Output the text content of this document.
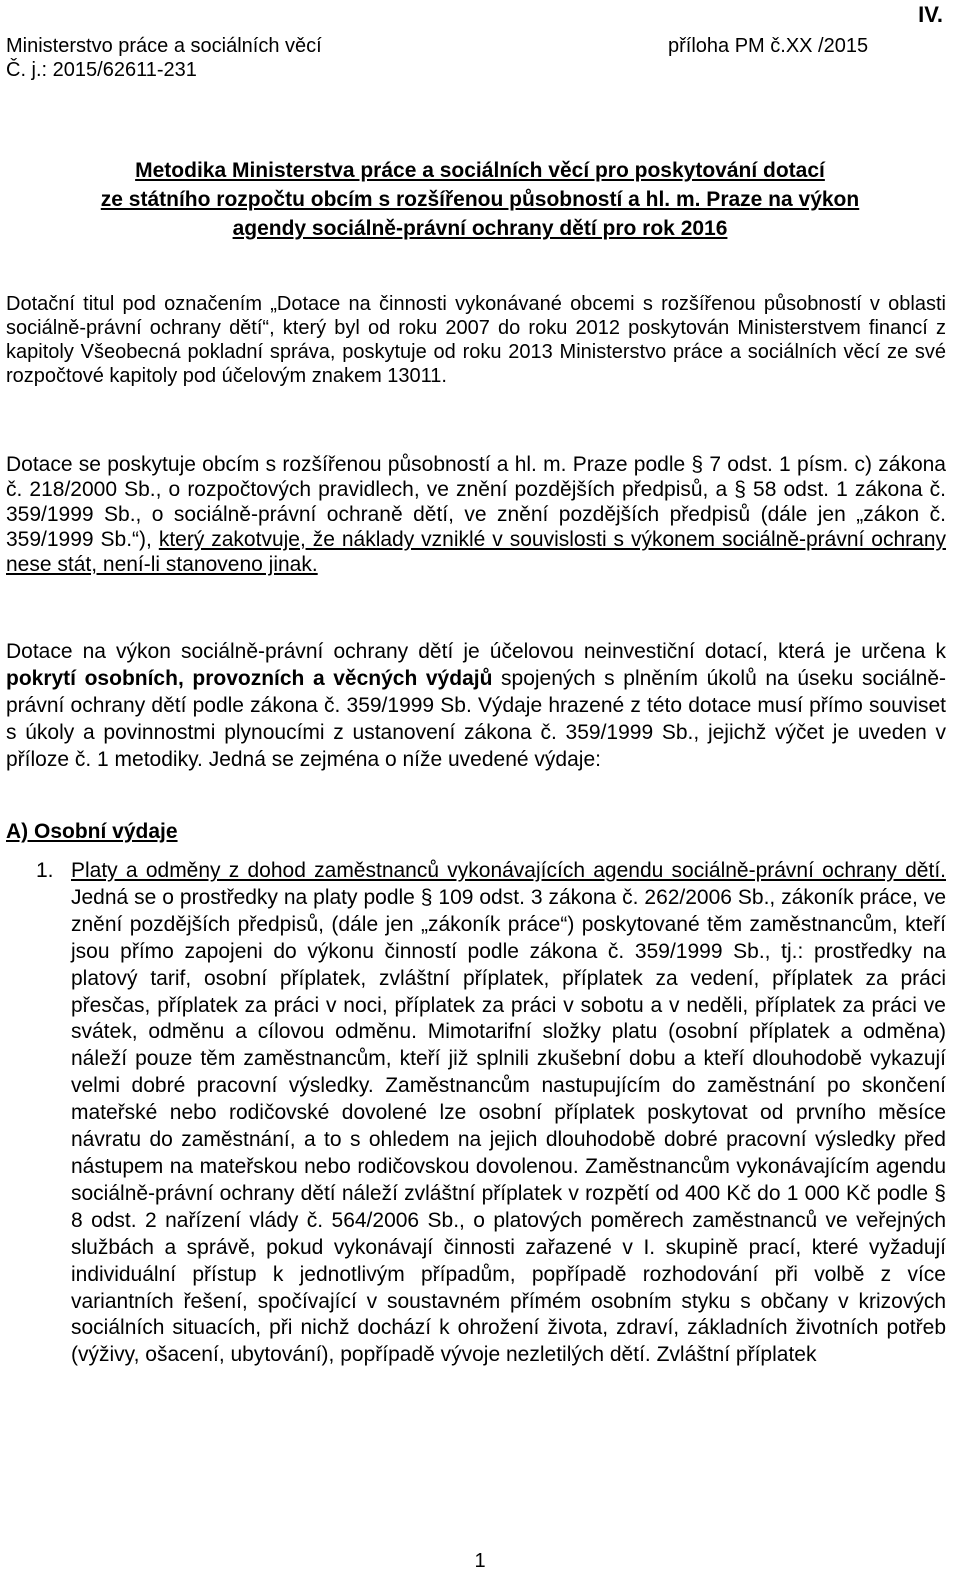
Ministerstvo práce a sociálních věcí
Č. j.: 2015/62611-231
příloha PM č.XX /2015
IV.
Metodika Ministerstva práce a sociálních věcí pro poskytování dotací
ze státního rozpočtu obcím s rozšířenou působností a hl. m. Praze na výkon
agendy sociálně-právní ochrany dětí pro rok 2016
Dotační titul pod označením „Dotace na činnosti vykonávané obcemi s rozšířenou působností v oblasti sociálně-právní ochrany dětí“, který byl od roku 2007 do roku 2012 poskytován Ministerstvem financí z kapitoly Všeobecná pokladní správa, poskytuje od roku 2013 Ministerstvo práce a sociálních věcí ze své rozpočtové kapitoly pod účelovým znakem 13011.
Dotace se poskytuje obcím s rozšířenou působností a hl. m. Praze podle § 7 odst. 1 písm. c) zákona č. 218/2000 Sb., o rozpočtových pravidlech, ve znění pozdějších předpisů, a § 58 odst. 1 zákona č. 359/1999 Sb., o sociálně-právní ochraně dětí, ve znění pozdějších předpisů (dále jen „zákon č. 359/1999 Sb.“), který zakotvuje, že náklady vzniklé v souvislosti s výkonem sociálně-právní ochrany nese stát, není-li stanoveno jinak.
Dotace na výkon sociálně-právní ochrany dětí je účelovou neinvestiční dotací, která je určena k pokrytí osobních, provozních a věcných výdajů spojených s plněním úkolů na úseku sociálně-právní ochrany dětí podle zákona č. 359/1999 Sb. Výdaje hrazené z této dotace musí přímo souviset s úkoly a povinnostmi plynoucími z ustanovení zákona č. 359/1999 Sb., jejichž výčet je uveden v příloze č. 1 metodiky. Jedná se zejména o níže uvedené výdaje:
A) Osobní výdaje
1. Platy a odměny z dohod zaměstnanců vykonávajících agendu sociálně-právní ochrany dětí. Jedná se o prostředky na platy podle § 109 odst. 3 zákona č. 262/2006 Sb., zákoník práce, ve znění pozdějších předpisů, (dále jen „zákoník práce“) poskytované těm zaměstnancům, kteří jsou přímo zapojeni do výkonu činností podle zákona č. 359/1999 Sb., tj.: prostředky na platový tarif, osobní příplatek, zvláštní příplatek, příplatek za vedení, příplatek za práci přesčas, příplatek za práci v noci, příplatek za práci v sobotu a v neděli, příplatek za práci ve svátek, odměnu a cílovou odměnu. Mimotarifní složky platu (osobní příplatek a odměna) náleží pouze těm zaměstnancům, kteří již splnili zkušební dobu a kteří dlouhodobě vykazují velmi dobré pracovní výsledky. Zaměstnancům nastupujícím do zaměstnání po skončení mateřské nebo rodičovské dovolené lze osobní příplatek poskytovat od prvního měsíce návratu do zaměstnání, a to s ohledem na jejich dlouhodobě dobré pracovní výsledky před nástupem na mateřskou nebo rodičovskou dovolenou. Zaměstnancům vykonávajícím agendu sociálně-právní ochrany dětí náleží zvláštní příplatek v rozpětí od 400 Kč do 1 000 Kč podle § 8 odst. 2 nařízení vlády č. 564/2006 Sb., o platových poměrech zaměstnanců ve veřejných službách a správě, pokud vykonávají činnosti zařazené v I. skupině prací, které vyžadují individuální přístup k jednotlivým případům, popřípadě rozhodování při volbě z více variantních řešení, spočívající v soustavném přímém osobním styku s občany v krizových sociálních situacích, při nichž dochází k ohrožení života, zdraví, základních životních potřeb (výživy, ošacení, ubytování), popřípadě vývoje nezletilých dětí. Zvláštní příplatek
1
